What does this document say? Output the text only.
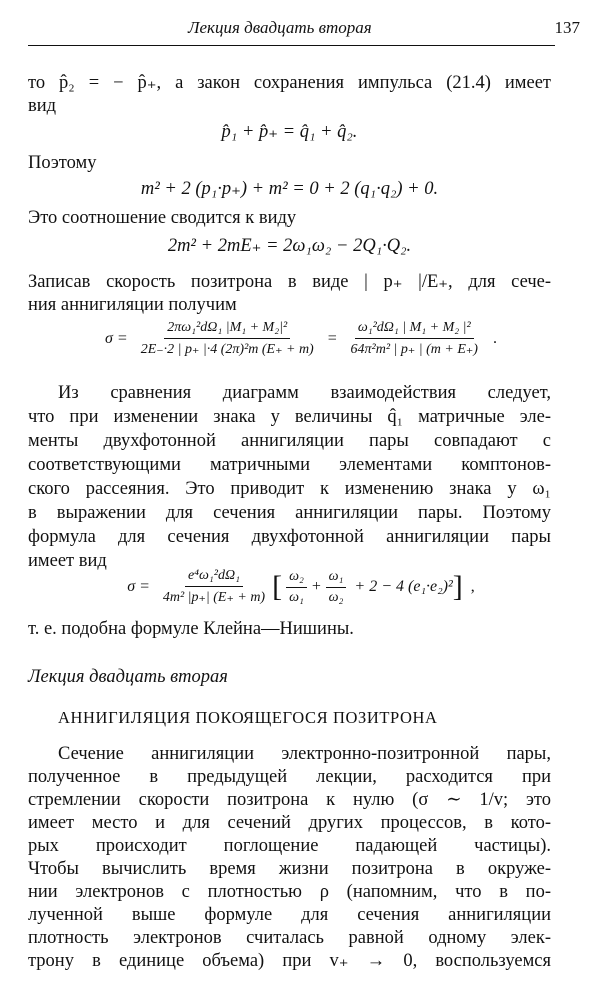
Лекция двадцать вторая	137
то p̂₂ = − p̂₊, а закон сохранения импульса (21.4) имеет
вид
p̂₁ + p̂₊ = q̂₁ + q̂₂.
Поэтому
m² + 2 (p₁·p₊) + m² = 0 + 2 (q₁·q₂) + 0.
Это соотношение сводится к виду
2m² + 2mE₊ = 2ω₁ω₂ − 2Q₁·Q₂.
Записав скорость позитрона в виде | p₊ |/E₊, для сече-
ния аннигиляции получим
$\sigma = \frac{\text{2πω₁²dΩ₁ |M₁ + M₂|²}}{\text{2E₋·2 | p₊ |·4 (2π)²m (E₊ + m)}} = \frac{\text{ω₁²dΩ₁ | M₁ + M₂ |²}}{\text{64π²m² | p₊ | (m + E₊)}}$ .
Из сравнения диаграмм взаимодействия следует,
что при изменении знака у величины q̂₁ матричные эле-
менты двухфотонной аннигиляции пары совпадают с
соответствующими матричными элементами комптонов-
ского рассеяния. Это приводит к изменению знака у ω₁
в выражении для сечения аннигиляции пары. Поэтому
формула для сечения двухфотонной аннигиляции пары
имеет вид
$\sigma = \frac{\text{e⁴ω₁²dΩ₁}}{\text{4m² |p₊| (E₊ + m)}}$ [ $\frac{\text{ω₂}}{\text{ω₁}} + \frac{\text{ω₁}}{\text{ω₂}} + 2 - 4$ (e₁·e₂)² ] ,
т. е. подобна формуле Клейна—Нишины.
Лекция двадцать вторая
АННИГИЛЯЦИЯ ПОКОЯЩЕГОСЯ ПОЗИТРОНА
Сечение аннигиляции электронно-позитронной пары,
полученное в предыдущей лекции, расходится при
стремлении скорости позитрона к нулю (σ ∼ 1/v; это
имеет место и для сечений других процессов, в кото-
рых происходит поглощение падающей частицы).
Чтобы вычислить время жизни позитрона в окруже-
нии электронов с плотностью ρ (напомним, что в по-
лученной выше формуле для сечения аннигиляции
плотность электронов считалась равной одному элек-
трону в единице объема) при v₊ → 0, воспользуемся
